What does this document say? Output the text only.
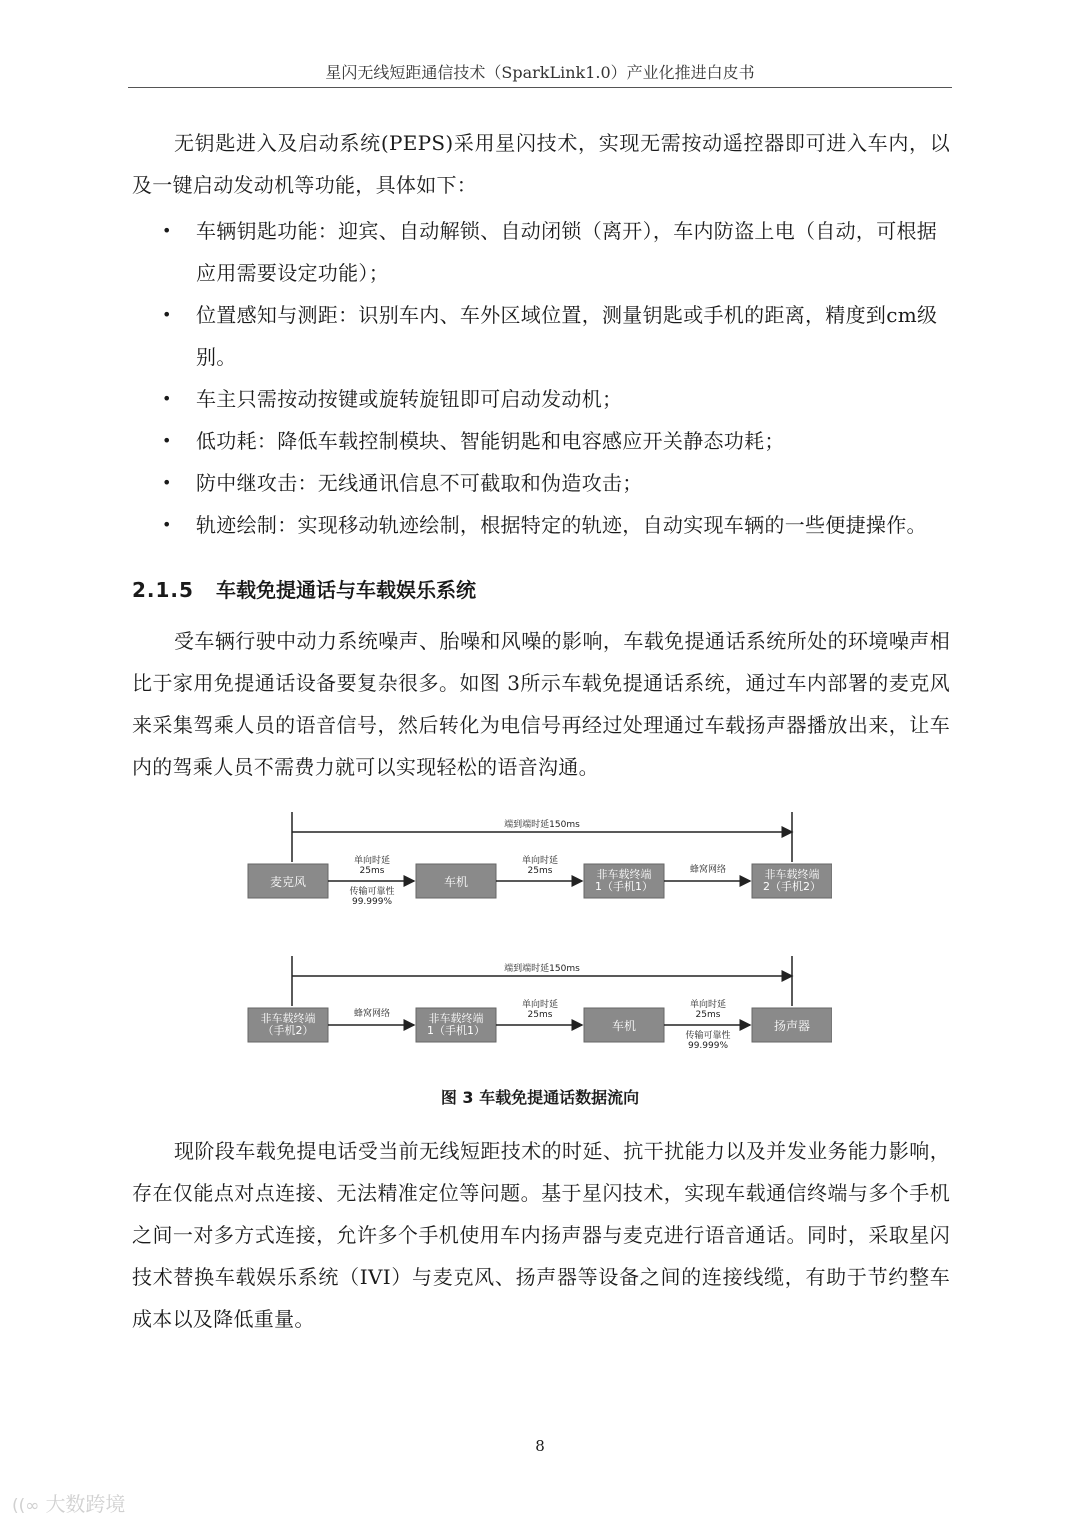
星闪无线短距通信技术（SparkLink1.0）产业化推进白皮书

无钥匙进入及启动系统(PEPS)采用星闪技术，实现无需按动遥控器即可进入车内，以及一键启动发动机等功能，具体如下：

• 车辆钥匙功能：迎宾、自动解锁、自动闭锁（离开），车内防盗上电（自动，可根据应用需要设定功能）；
• 位置感知与测距：识别车内、车外区域位置，测量钥匙或手机的距离，精度到cm级别。
• 车主只需按动按键或旋转旋钮即可启动发动机；
• 低功耗：降低车载控制模块、智能钥匙和电容感应开关静态功耗；
• 防中继攻击：无线通讯信息不可截取和伪造攻击；
• 轨迹绘制：实现移动轨迹绘制，根据特定的轨迹，自动实现车辆的一些便捷操作。
2.1.5 车载免提通话与车载娱乐系统

受车辆行驶中动力系统噪声、胎噪和风噪的影响，车载免提通话系统所处的环境噪声相比于家用免提通话设备要复杂很多。如图 3所示车载免提通话系统，通过车内部署的麦克风来采集驾乘人员的语音信号，然后转化为电信号再经过处理通过车载扬声器播放出来，让车内的驾乘人员不需费力就可以实现轻松的语音沟通。

端到端时延150ms
麦克风	车机
非车载终端 1（手机1）
非车载终端 2（手机2）
单向时延 25ms
传输可靠性 99.999%
单向时延 25ms	蜂窝网络
端到端时延150ms
非车载终端（手机2）
非车载终端 1（手机1）	车机	扬声器
蜂窝网络
单向时延 25ms
单向时延 25ms
传输可靠性 99.999%
图 3 车载免提通话数据流向

现阶段车载免提电话受当前无线短距技术的时延、抗干扰能力以及并发业务能力影响，存在仅能点对点连接、无法精准定位等问题。基于星闪技术，实现车载通信终端与多个手机之间一对多方式连接，允许多个手机使用车内扬声器与麦克进行语音通话。同时，采取星闪技术替换车载娱乐系统（IVI）与麦克风、扬声器等设备之间的连接线缆，有助于节约整车成本以及降低重量。

8
((∞ 大数跨境
